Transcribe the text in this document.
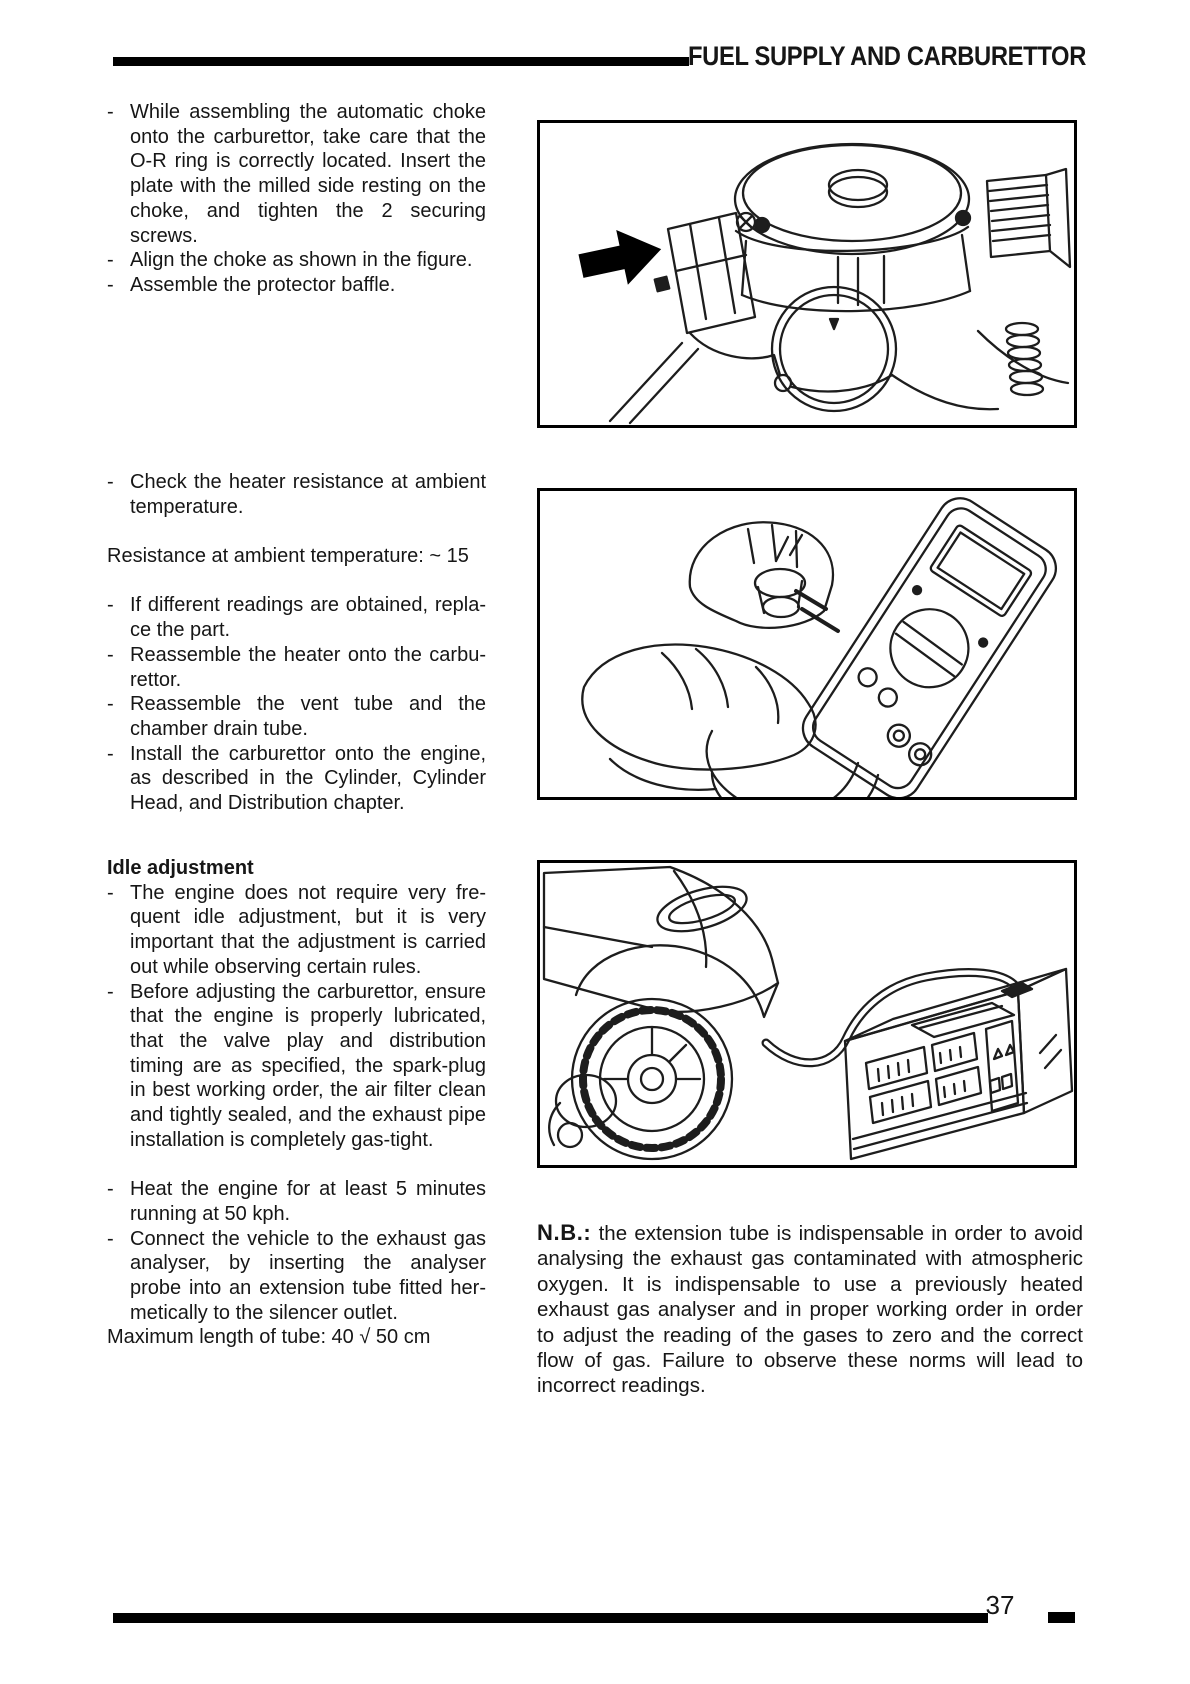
FUEL SUPPLY AND CARBURETTOR
- While assembling the automatic choke onto the carburettor, take care that the O-R ring is correctly located. Insert the plate with the milled side resting on the choke, and tighten the 2 securing screws.
- Align the choke as shown in the figure.
- Assemble the protector baffle.
- Check the heater resistance at ambient temperature.

Resistance at ambient temperature: ~ 15

- If different readings are obtained, repla-ce the part.
- Reassemble the heater onto the carbu-rettor.
- Reassemble the vent tube and the chamber drain tube.
- Install the carburettor onto the engine, as described in the Cylinder, Cylinder Head, and Distribution chapter.

Idle adjustment

- The engine does not require very fre-quent idle adjustment, but it is very important that the adjustment is carried out while observing certain rules.
- Before adjusting the carburettor, ensure that the engine is properly lubricated, that the valve play and distribution timing are as specified, the spark-plug in best working order, the air filter clean and tightly sealed, and the exhaust pipe installation is completely gas-tight.
- Heat the engine for at least 5 minutes running at 50 kph.
- Connect the vehicle to the exhaust gas analyser, by inserting the analyser probe into an extension tube fitted her-metically to the silencer outlet.

Maximum length of tube: 40 √ 50 cm

N.B.: the extension tube is indispensable in order to avoid analysing the exhaust gas contaminated with atmospheric oxygen. It is indispensable to use a previously heated exhaust gas analyser and in proper working order in order to adjust the reading of the gases to zero and the correct flow of gas. Failure to observe these norms will lead to incorrect readings.
37
